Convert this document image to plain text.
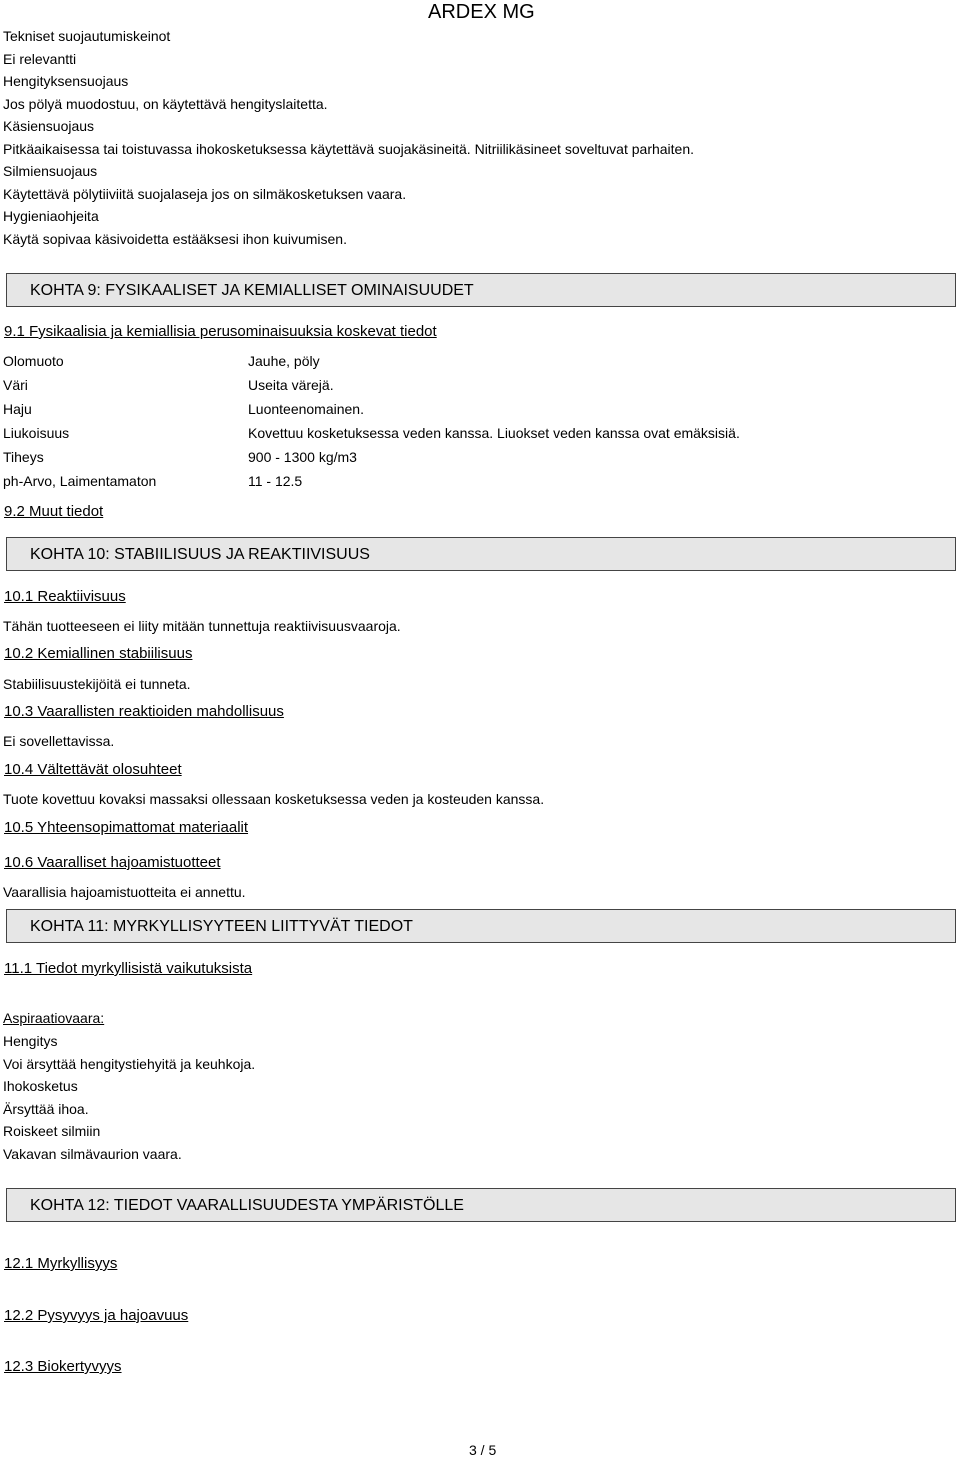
ARDEX MG
Tekniset suojautumiskeinot
Ei relevantti
Hengityksensuojaus
Jos pölyä muodostuu, on käytettävä hengityslaitetta.
Käsiensuojaus
Pitkäaikaisessa tai toistuvassa ihokosketuksessa käytettävä suojakäsineitä. Nitriilikäsineet soveltuvat parhaiten.
Silmiensuojaus
Käytettävä pölytiiviitä suojalaseja jos on silmäkosketuksen vaara.
Hygieniaohjeita
Käytä sopivaa käsivoidetta estääksesi ihon kuivumisen.
KOHTA 9: FYSIKAALISET JA KEMIALLISET OMINAISUUDET
9.1 Fysikaalisia ja kemiallisia perusominaisuuksia koskevat tiedot
Olomuoto	Jauhe, pöly
Väri	Useita värejä.
Haju	Luonteenomainen.
Liukoisuus	Kovettuu kosketuksessa veden kanssa. Liuokset veden kanssa ovat emäksisiä.
Tiheys	900 - 1300 kg/m3
ph-Arvo, Laimentamaton	11 - 12.5
9.2 Muut tiedot
KOHTA 10: STABIILISUUS JA REAKTIIVISUUS
10.1 Reaktiivisuus
Tähän tuotteeseen ei liity mitään tunnettuja reaktiivisuusvaaroja.
10.2 Kemiallinen stabiilisuus
Stabiilisuustekijöitä ei tunneta.
10.3 Vaarallisten reaktioiden mahdollisuus
Ei sovellettavissa.
10.4 Vältettävät olosuhteet
Tuote kovettuu kovaksi massaksi ollessaan kosketuksessa veden ja kosteuden kanssa.
10.5 Yhteensopimattomat materiaalit
10.6 Vaaralliset hajoamistuotteet
Vaarallisia hajoamistuotteita ei annettu.
KOHTA 11: MYRKYLLISYYTEEN LIITTYVÄT TIEDOT
11.1 Tiedot myrkyllisistä vaikutuksista
Aspiraatiovaara:
Hengitys
Voi ärsyttää hengitystiehyitä ja keuhkoja.
Ihokosketus
Ärsyttää ihoa.
Roiskeet silmiin
Vakavan silmävaurion vaara.
KOHTA 12: TIEDOT VAARALLISUUDESTA YMPÄRISTÖLLE
12.1 Myrkyllisyys
12.2 Pysyvyys ja hajoavuus
12.3 Biokertyvyys
3 / 5
